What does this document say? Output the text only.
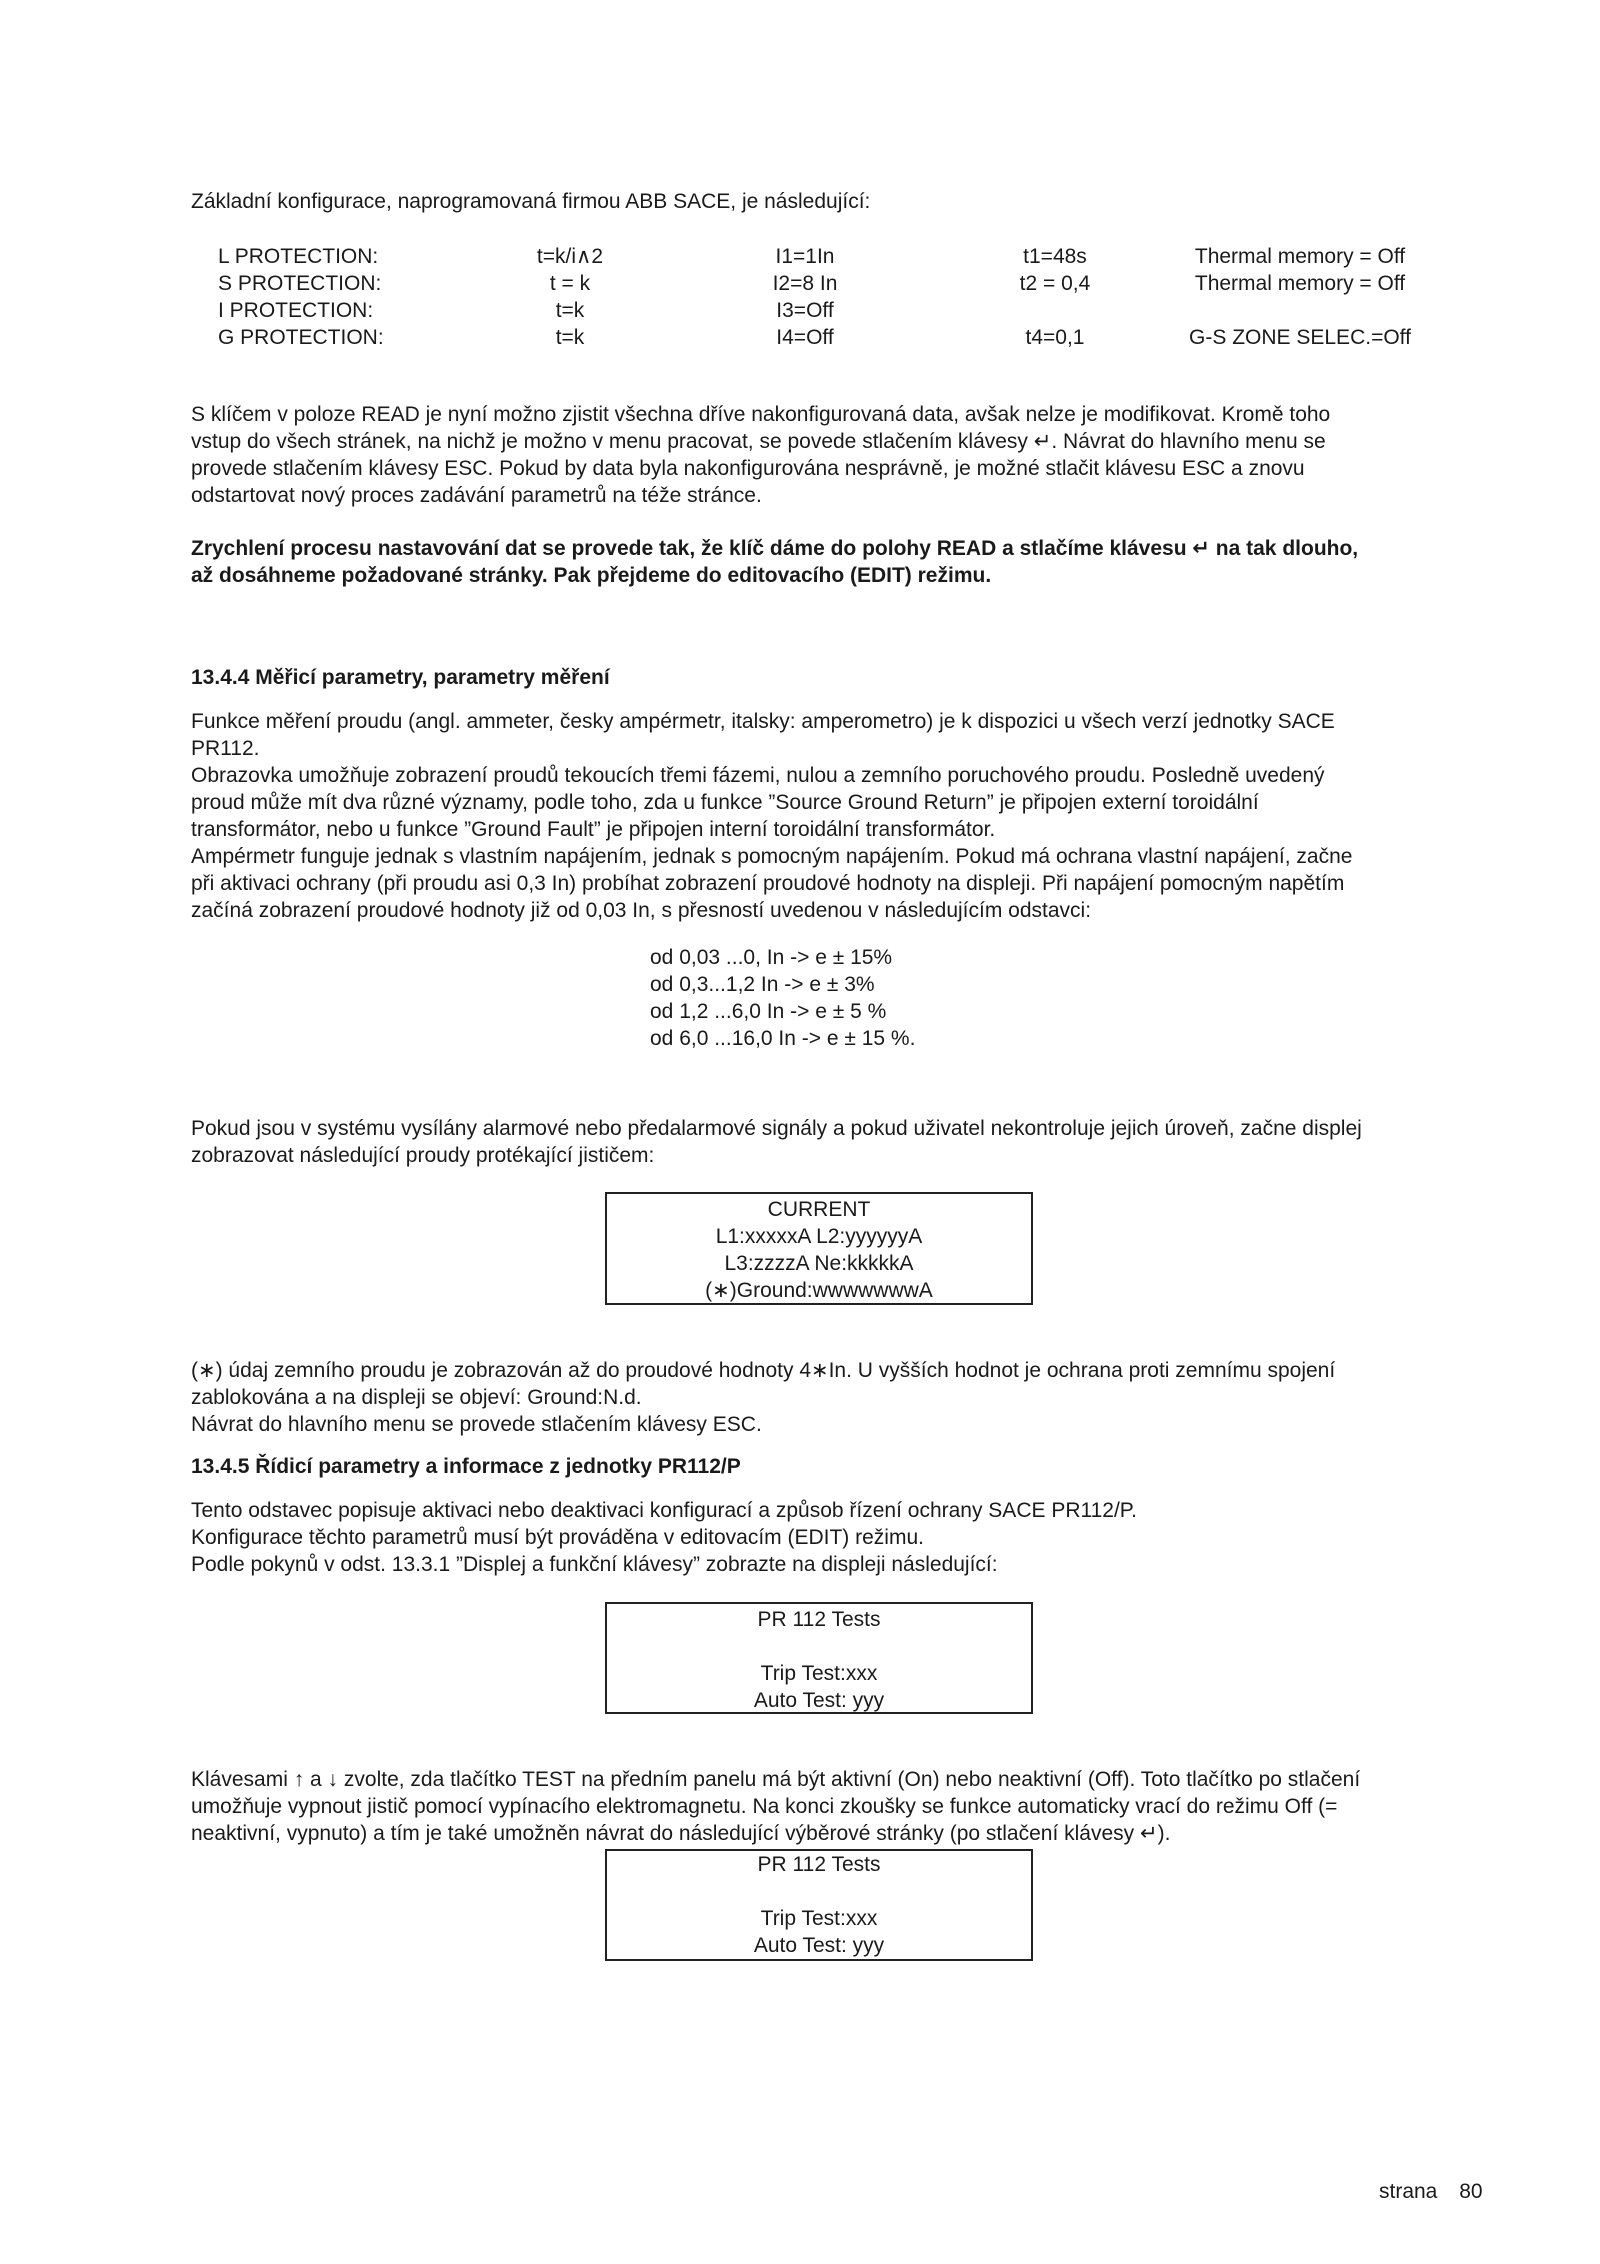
Základní konfigurace, naprogramovaná firmou ABB SACE, je následující:
L PROTECTION:	t=k/i∧2	I1=1In	t1=48s	Thermal memory = Off
S PROTECTION:	t = k	I2=8 In	t2 = 0,4	Thermal memory = Off
I PROTECTION:	t=k	I3=Off
G PROTECTION:	t=k	I4=Off	t4=0,1	G-S ZONE SELEC.=Off

S klíčem v poloze READ je nyní možno zjistit všechna dříve nakonfigurovaná data, avšak nelze je modifikovat. Kromě toho

vstup do všech stránek, na nichž je možno v menu pracovat, se povede stlačením klávesy ↵. Návrat do hlavního menu se

provede stlačením klávesy ESC. Pokud by data byla nakonfigurována nesprávně, je možné stlačit klávesu ESC a znovu

odstartovat nový proces zadávání parametrů na téže stránce.

Zrychlení procesu nastavování dat se provede tak, že klíč dáme do polohy READ a stlačíme klávesu ↵ na tak dlouho,

až dosáhneme požadované stránky. Pak přejdeme do editovacího (EDIT) režimu.

13.4.4 Měřicí parametry, parametry měření

Funkce měření proudu (angl. ammeter, česky ampérmetr, italsky: amperometro) je k dispozici u všech verzí jednotky SACE

PR112.

Obrazovka umožňuje zobrazení proudů tekoucích třemi fázemi, nulou a zemního poruchového proudu. Posledně uvedený

proud může mít dva různé významy, podle toho, zda u funkce ”Source Ground Return” je připojen externí toroidální

transformátor, nebo u funkce ”Ground Fault” je připojen interní toroidální transformátor.

Ampérmetr funguje jednak s vlastním napájením, jednak s pomocným napájením. Pokud má ochrana vlastní napájení, začne

při aktivaci ochrany (při proudu asi 0,3 In) probíhat zobrazení proudové hodnoty na displeji. Při napájení pomocným napětím

začíná zobrazení proudové hodnoty již od 0,03 In, s přesností uvedenou v následujícím odstavci:

od 0,03 ...0, In -> e ± 15%
od 0,3...1,2 In -> e ± 3%
od 1,2 ...6,0 In -> e ± 5 %
od 6,0 ...16,0 In -> e ± 15 %.

Pokud jsou v systému vysílány alarmové nebo předalarmové signály a pokud uživatel nekontroluje jejich úroveň, začne displej

zobrazovat následující proudy protékající jističem:

CURRENT
L1:xxxxxA L2:yyyyyyA
L3:zzzzA Ne:kkkkkA
(∗)Ground:wwwwwwwA

(∗) údaj zemního proudu je zobrazován až do proudové hodnoty 4∗In. U vyšších hodnot je ochrana proti zemnímu spojení

zablokována a na displeji se objeví: Ground:N.d.

Návrat do hlavního menu se provede stlačením klávesy ESC.

13.4.5 Řídicí parametry a informace z jednotky PR112/P

Tento odstavec popisuje aktivaci nebo deaktivaci konfigurací a způsob řízení ochrany SACE PR112/P.

Konfigurace těchto parametrů musí být prováděna v editovacím (EDIT) režimu.

Podle pokynů v odst. 13.3.1 ”Displej a funkční klávesy” zobrazte na displeji následující:

PR 112 Tests

Trip Test:xxx
Auto Test: yyy

Klávesami ↑ a ↓ zvolte, zda tlačítko TEST na předním panelu má být aktivní (On) nebo neaktivní (Off). Toto tlačítko po stlačení

umožňuje vypnout jistič pomocí vypínacího elektromagnetu. Na konci zkoušky se funkce automaticky vrací do režimu Off (=

neaktivní, vypnuto) a tím je také umožněn návrat do následující výběrové stránky (po stlačení klávesy ↵).

PR 112 Tests

Trip Test:xxx
Auto Test: yyy
strana 80
